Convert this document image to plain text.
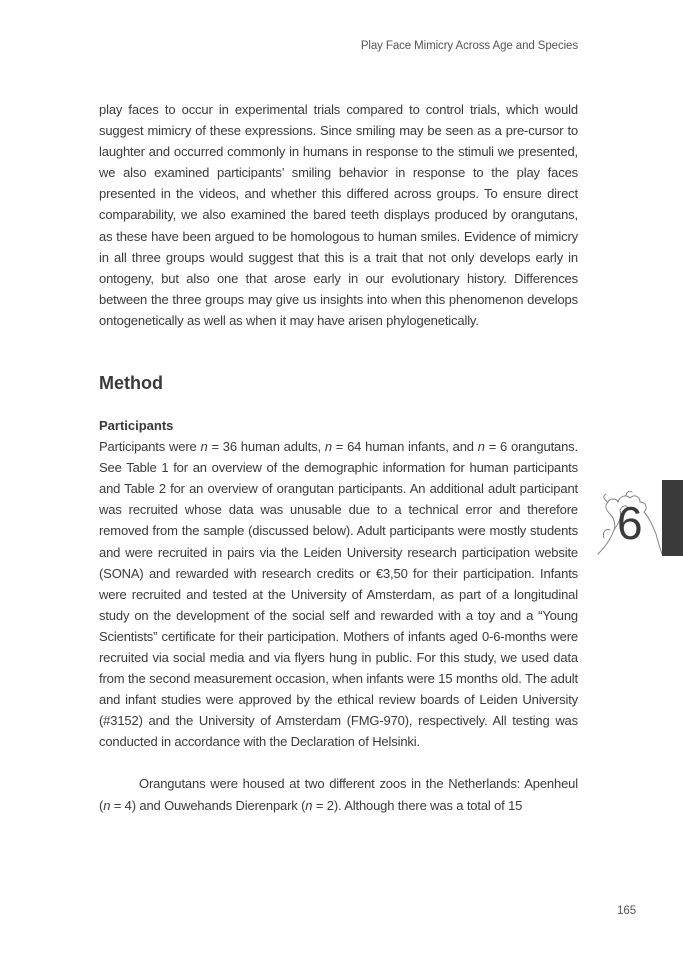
Play Face Mimicry Across Age and Species

play faces to occur in experimental trials compared to control trials, which would suggest mimicry of these expressions. Since smiling may be seen as a pre-cursor to laughter and occurred commonly in humans in response to the stimuli we presented, we also examined participants’ smiling behavior in response to the play faces presented in the videos, and whether this differed across groups. To ensure direct comparability, we also examined the bared teeth displays produced by orangutans, as these have been argued to be homologous to human smiles. Evidence of mimicry in all three groups would suggest that this is a trait that not only develops early in ontogeny, but also one that arose early in our evolutionary history. Differences between the three groups may give us insights into when this phenomenon develops ontogenetically as well as when it may have arisen phylogenetically.

Method
Participants

Participants were n = 36 human adults, n = 64 human infants, and n = 6 orangutans. See Table 1 for an overview of the demographic information for human participants and Table 2 for an overview of orangutan participants. An additional adult participant was recruited whose data was unusable due to a technical error and therefore removed from the sample (discussed below). Adult participants were mostly students and were recruited in pairs via the Leiden University research participation website (SONA) and rewarded with research credits or €3,50 for their participation. Infants were recruited and tested at the University of Amsterdam, as part of a longitudinal study on the development of the social self and rewarded with a toy and a “Young Scientists” certificate for their participation. Mothers of infants aged 0-6-months were recruited via social media and via flyers hung in public. For this study, we used data from the second measurement occasion, when infants were 15 months old. The adult and infant studies were approved by the ethical review boards of Leiden University (#3152) and the University of Amsterdam (FMG-970), respectively. All testing was conducted in accordance with the Declaration of Helsinki.

Orangutans were housed at two different zoos in the Netherlands: Apenheul (n = 4) and Ouwehands Dierenpark (n = 2). Although there was a total of 15

6
165
